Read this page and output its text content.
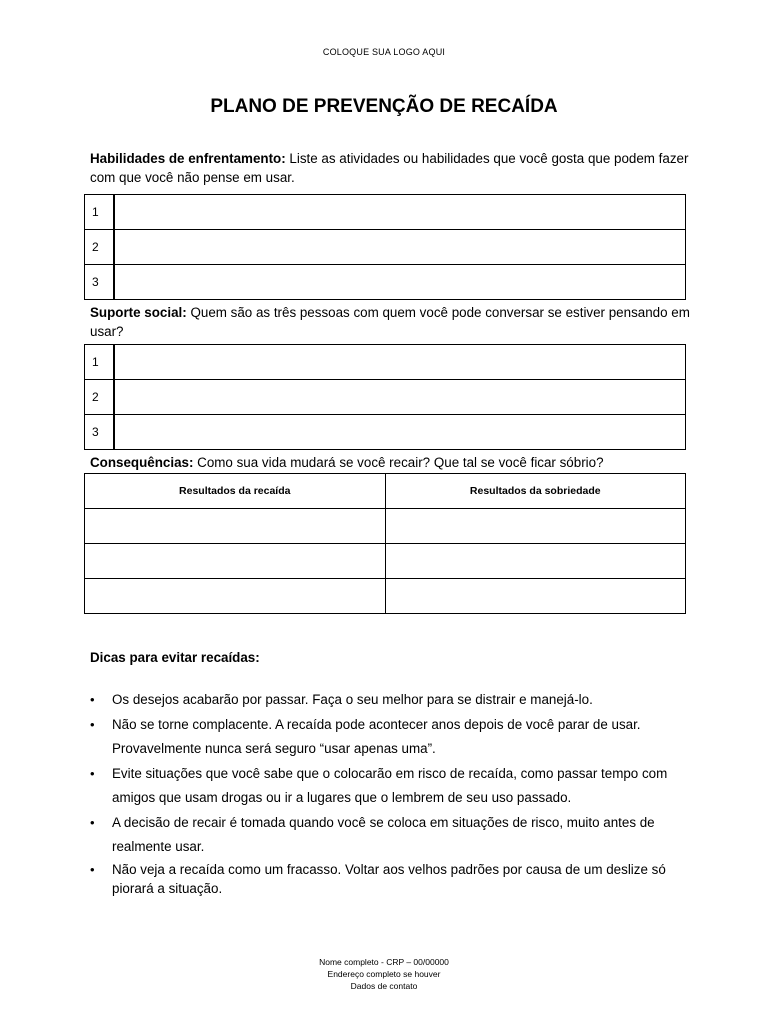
COLOQUE SUA LOGO AQUI
PLANO DE PREVENÇÃO DE RECAÍDA

Habilidades de enfrentamento: Liste as atividades ou habilidades que você gosta que podem fazer com que você não pense em usar.

1	
2	
3	

Suporte social: Quem são as três pessoas com quem você pode conversar se estiver pensando em usar?

1	
2	
3	

Consequências: Como sua vida mudará se você recair? Que tal se você ficar sóbrio?

Resultados da recaída	Resultados da sobriedade

Dicas para evitar recaídas:

• Os desejos acabarão por passar. Faça o seu melhor para se distrair e manejá-lo.
• Não se torne complacente. A recaída pode acontecer anos depois de você parar de usar. Provavelmente nunca será seguro “usar apenas uma”.
• Evite situações que você sabe que o colocarão em risco de recaída, como passar tempo com amigos que usam drogas ou ir a lugares que o lembrem de seu uso passado.
• A decisão de recair é tomada quando você se coloca em situações de risco, muito antes de realmente usar.
• Não veja a recaída como um fracasso. Voltar aos velhos padrões por causa de um deslize só piorará a situação.
Nome completo - CRP – 00/00000
Endereço completo se houver
Dados de contato
